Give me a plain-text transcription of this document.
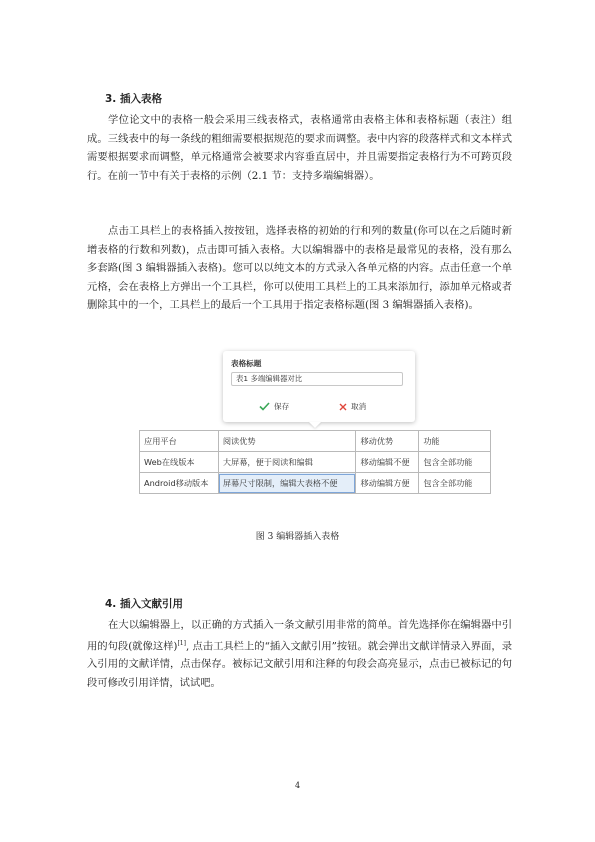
3. 插入表格

学位论文中的表格一般会采用三线表格式，表格通常由表格主体和表格标题（表注）组成。三线表中的每一条线的粗细需要根据规范的要求而调整。表中内容的段落样式和文本样式需要根据要求而调整，单元格通常会被要求内容垂直居中，并且需要指定表格行为不可跨页段行。在前一节中有关于表格的示例（2.1 节：支持多端编辑器）。

点击工具栏上的表格插入按按钮，选择表格的初始的行和列的数量(你可以在之后随时新增表格的行数和列数)，点击即可插入表格。大以编辑器中的表格是最常见的表格，没有那么多套路(图 3 编辑器插入表格)。您可以以纯文本的方式录入各单元格的内容。点击任意一个单元格，会在表格上方弹出一个工具栏，你可以使用工具栏上的工具来添加行，添加单元格或者删除其中的一个，工具栏上的最后一个工具用于指定表格标题(图 3 编辑器插入表格)。

表格标题
表1 多端编辑器对比
保存	取消
应用平台	阅读优势	移动优势	功能
Web在线版本	大屏幕，便于阅读和编辑	移动编辑不便	包含全部功能
Android移动版本	屏幕尺寸限制，编辑大表格不便	移动编辑方便	包含全部功能
图 3 编辑器插入表格
4. 插入文献引用

在大以编辑器上，以正确的方式插入一条文献引用非常的简单。首先选择你在编辑器中引用的句段(就像这样)[1], 点击工具栏上的“插入文献引用”按钮。就会弹出文献详情录入界面，录入引用的文献详情，点击保存。被标记文献引用和注释的句段会高亮显示，点击已被标记的句段可修改引用详情，试试吧。

4
